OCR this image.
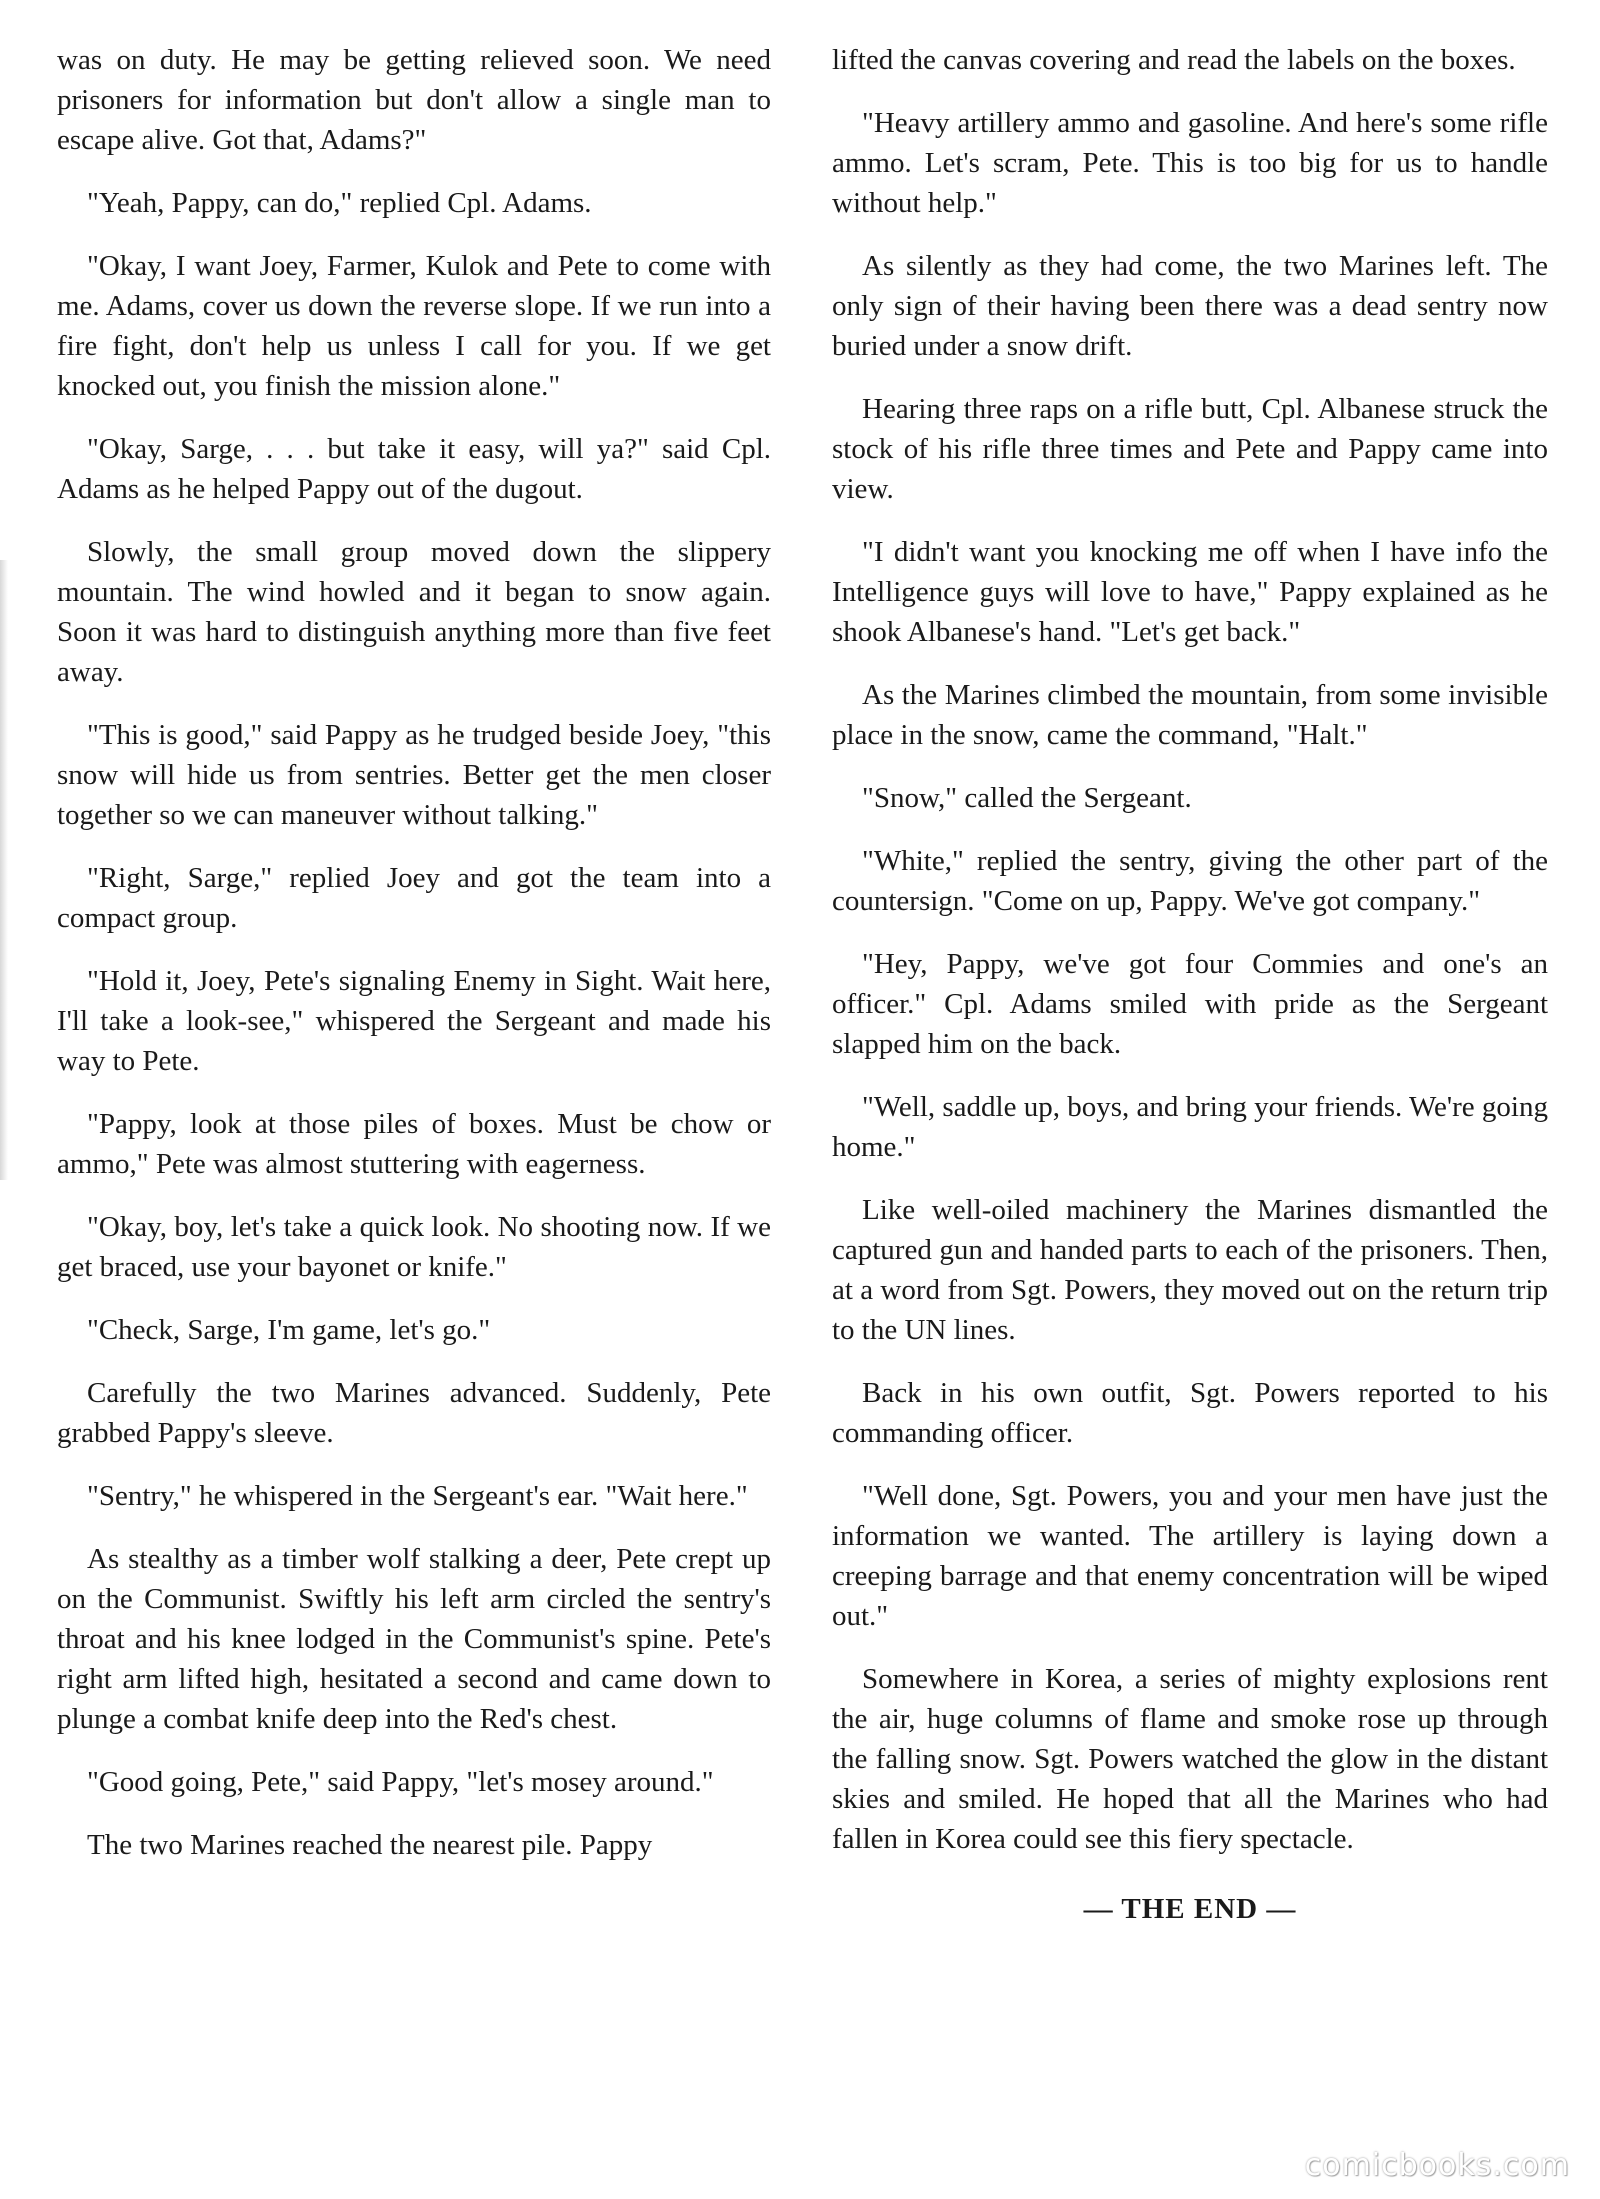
was on duty. He may be getting relieved soon. We need prisoners for information but don't allow a single man to escape alive. Got that, Adams?"

"Yeah, Pappy, can do," replied Cpl. Adams.

"Okay, I want Joey, Farmer, Kulok and Pete to come with me. Adams, cover us down the reverse slope. If we run into a fire fight, don't help us unless I call for you. If we get knocked out, you finish the mission alone."

"Okay, Sarge, . . . but take it easy, will ya?" said Cpl. Adams as he helped Pappy out of the dugout.

Slowly, the small group moved down the slippery mountain. The wind howled and it began to snow again. Soon it was hard to distinguish anything more than five feet away.

"This is good," said Pappy as he trudged beside Joey, "this snow will hide us from sentries. Better get the men closer together so we can maneuver without talking."

"Right, Sarge," replied Joey and got the team into a compact group.

"Hold it, Joey, Pete's signaling Enemy in Sight. Wait here, I'll take a look-see," whispered the Sergeant and made his way to Pete.

"Pappy, look at those piles of boxes. Must be chow or ammo," Pete was almost stuttering with eagerness.

"Okay, boy, let's take a quick look. No shooting now. If we get braced, use your bayonet or knife."

"Check, Sarge, I'm game, let's go."

Carefully the two Marines advanced. Suddenly, Pete grabbed Pappy's sleeve.

"Sentry," he whispered in the Sergeant's ear. "Wait here."

As stealthy as a timber wolf stalking a deer, Pete crept up on the Communist. Swiftly his left arm circled the sentry's throat and his knee lodged in the Communist's spine. Pete's right arm lifted high, hesitated a second and came down to plunge a combat knife deep into the Red's chest.

"Good going, Pete," said Pappy, "let's mosey around."

The two Marines reached the nearest pile. Pappy

lifted the canvas covering and read the labels on the boxes.

"Heavy artillery ammo and gasoline. And here's some rifle ammo. Let's scram, Pete. This is too big for us to handle without help."

As silently as they had come, the two Marines left. The only sign of their having been there was a dead sentry now buried under a snow drift.

Hearing three raps on a rifle butt, Cpl. Albanese struck the stock of his rifle three times and Pete and Pappy came into view.

"I didn't want you knocking me off when I have info the Intelligence guys will love to have," Pappy explained as he shook Albanese's hand. "Let's get back."

As the Marines climbed the mountain, from some invisible place in the snow, came the command, "Halt."

"Snow," called the Sergeant.

"White," replied the sentry, giving the other part of the countersign. "Come on up, Pappy. We've got company."

"Hey, Pappy, we've got four Commies and one's an officer." Cpl. Adams smiled with pride as the Sergeant slapped him on the back.

"Well, saddle up, boys, and bring your friends. We're going home."

Like well-oiled machinery the Marines dismantled the captured gun and handed parts to each of the prisoners. Then, at a word from Sgt. Powers, they moved out on the return trip to the UN lines.

Back in his own outfit, Sgt. Powers reported to his commanding officer.

"Well done, Sgt. Powers, you and your men have just the information we wanted. The artillery is laying down a creeping barrage and that enemy concentration will be wiped out."

Somewhere in Korea, a series of mighty explosions rent the air, huge columns of flame and smoke rose up through the falling snow. Sgt. Powers watched the glow in the distant skies and smiled. He hoped that all the Marines who had fallen in Korea could see this fiery spectacle.

— THE END —
comicbooks.com
